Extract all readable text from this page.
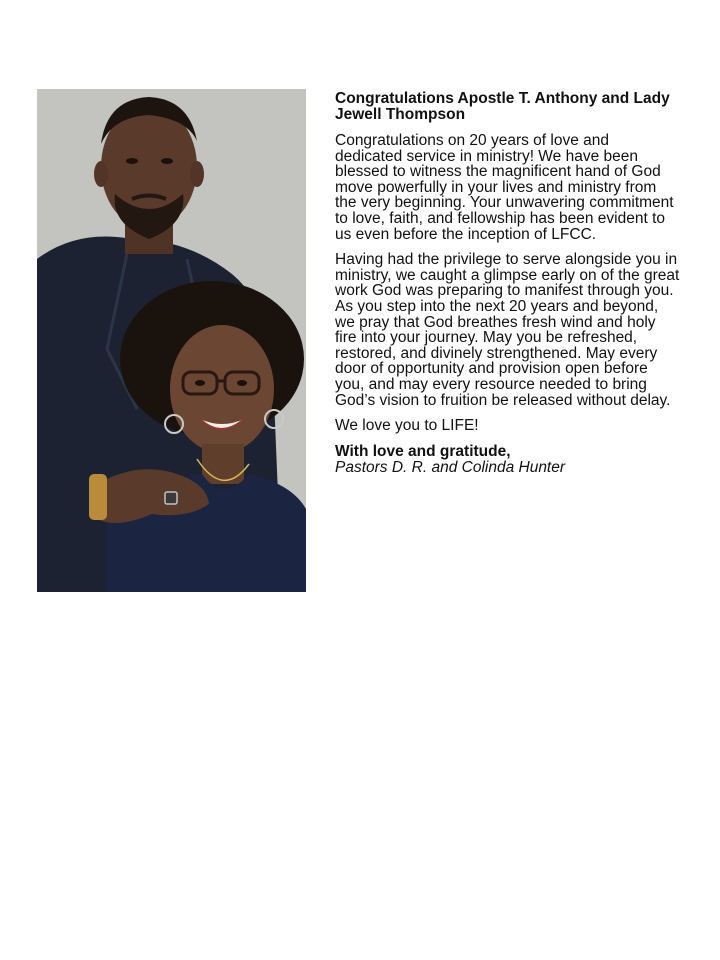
Congratulations Apostle T. Anthony and Lady Jewell Thompson

Congratulations on 20 years of love and dedicated service in ministry! We have been blessed to witness the magnificent hand of God move powerfully in your lives and ministry from the very beginning. Your unwavering commitment to love, faith, and fellowship has been evident to us even before the inception of LFCC.

Having had the privilege to serve alongside you in ministry, we caught a glimpse early on of the great work God was preparing to manifest through you. As you step into the next 20 years and beyond, we pray that God breathes fresh wind and holy fire into your journey. May you be refreshed, restored, and divinely strengthened. May every door of opportunity and provision open before you, and may every resource needed to bring God’s vision to fruition be released without delay.

We love you to LIFE!

With love and gratitude,

Pastors D. R. and Colinda Hunter
